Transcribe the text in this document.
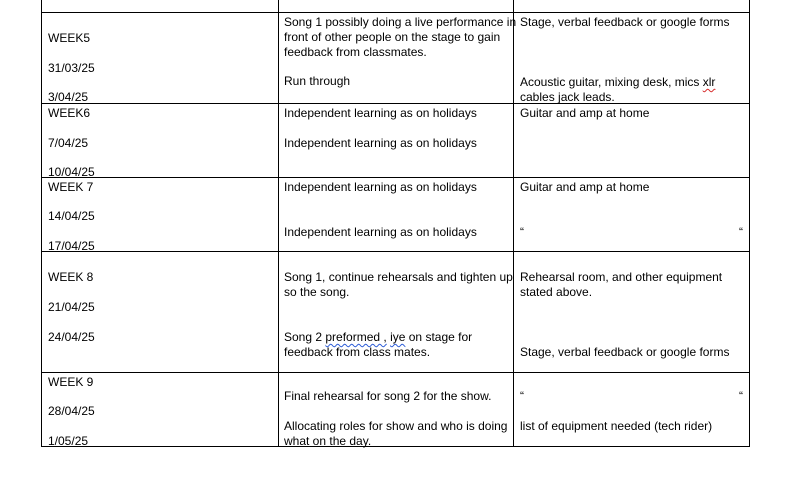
WEEK5
31/03/25
3/04/25
Song 1 possibly doing a live performance in
front of other people on the stage to gain
feedback from classmates.
Run through
Stage, verbal feedback or google forms
Acoustic guitar, mixing desk, mics xlr
cables jack leads.
WEEK6
7/04/25
10/04/25
Independent learning as on holidays
Independent learning as on holidays
Guitar and amp at home
WEEK 7
14/04/25
17/04/25
Independent learning as on holidays
Independent learning as on holidays
Guitar and amp at home
“	“
WEEK 8
21/04/25
24/04/25
Song 1, continue rehearsals and tighten up
so the song.
Song 2 preformed , iye on stage for
feedback from class mates.
Rehearsal room, and other equipment
stated above.
Stage, verbal feedback or google forms
WEEK 9
28/04/25
1/05/25
Final rehearsal for song 2 for the show.
Allocating roles for show and who is doing
what on the day.
“	“
list of equipment needed (tech rider)
